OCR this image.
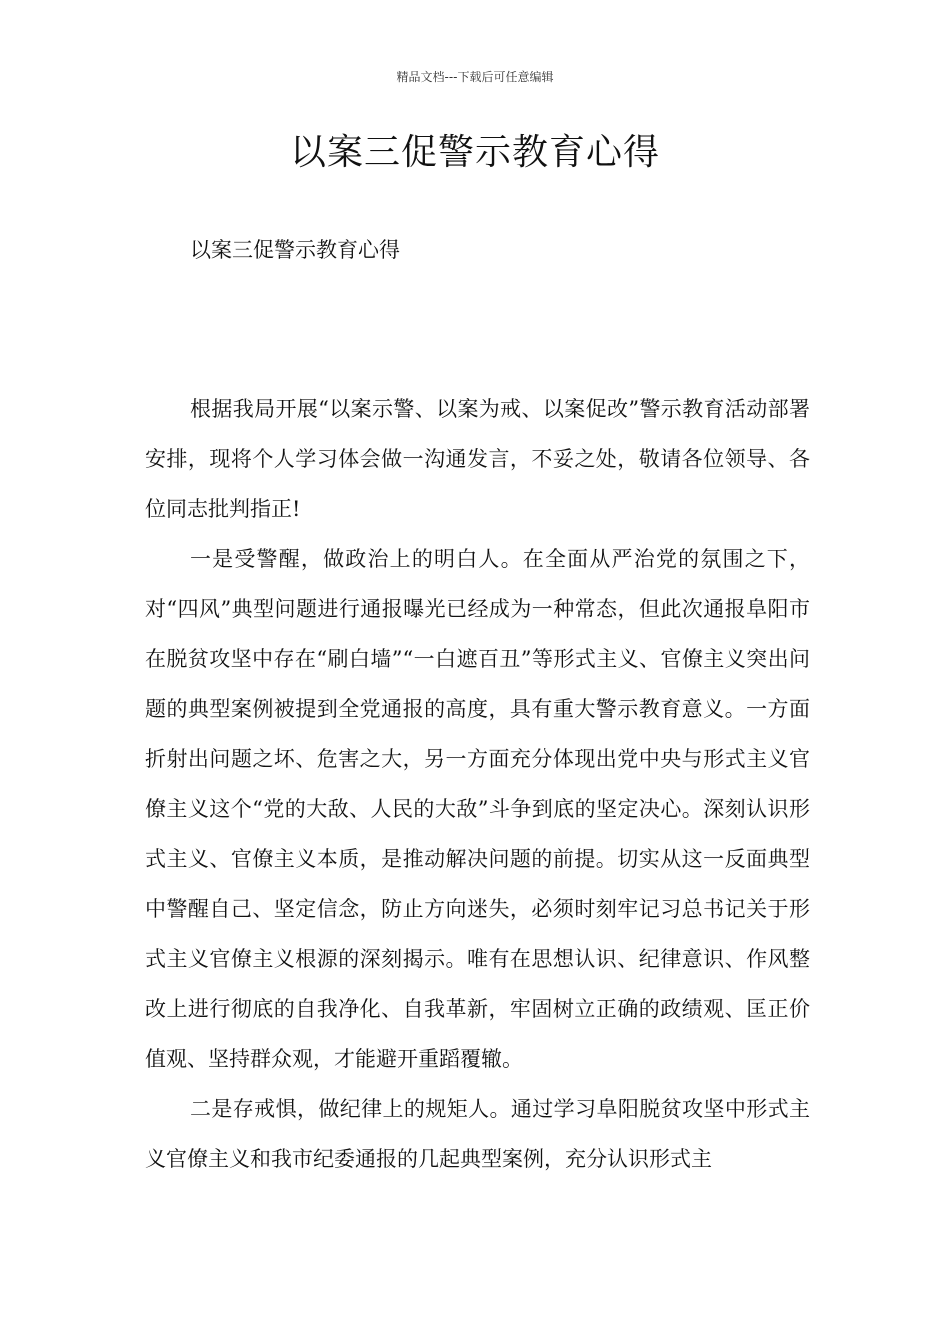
精品文档---下载后可任意编辑
以案三促警示教育心得

以案三促警示教育心得

根据我局开展“以案示警、以案为戒、以案促改”警示教育活动部署安排，现将个人学习体会做一沟通发言，不妥之处，敬请各位领导、各位同志批判指正!

一是受警醒，做政治上的明白人。在全面从严治党的氛围之下，对“四风”典型问题进行通报曝光已经成为一种常态，但此次通报阜阳市在脱贫攻坚中存在“刷白墙”“一白遮百丑”等形式主义、官僚主义突出问题的典型案例被提到全党通报的高度，具有重大警示教育意义。一方面折射出问题之坏、危害之大，另一方面充分体现出党中央与形式主义官僚主义这个“党的大敌、人民的大敌”斗争到底的坚定决心。深刻认识形式主义、官僚主义本质，是推动解决问题的前提。切实从这一反面典型中警醒自己、坚定信念，防止方向迷失，必须时刻牢记习总书记关于形式主义官僚主义根源的深刻揭示。唯有在思想认识、纪律意识、作风整改上进行彻底的自我净化、自我革新，牢固树立正确的政绩观、匡正价值观、坚持群众观，才能避开重蹈覆辙。

二是存戒惧，做纪律上的规矩人。通过学习阜阳脱贫攻坚中形式主义官僚主义和我市纪委通报的几起典型案例，充分认识形式主
